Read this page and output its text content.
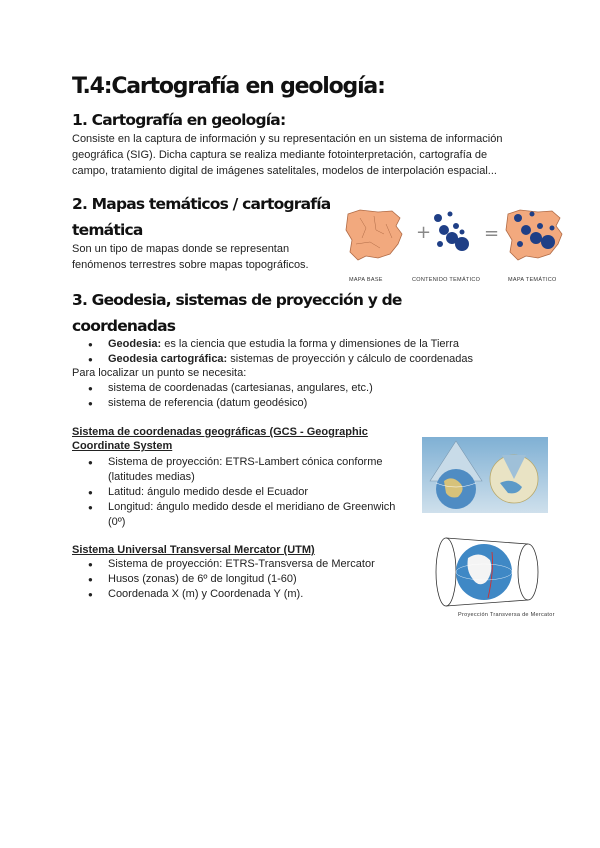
T.4:Cartografía en geología:
1. Cartografía en geología:
Consiste en la captura de información y su representación en un sistema de información
geográfica (SIG). Dicha captura se realiza mediante fotointerpretación, cartografía de
campo, tratamiento digital de imágenes satelitales, modelos de interpolación espacial...
2. Mapas temáticos / cartografía
temática
Son un tipo de mapas donde se representan
fenómenos terrestres sobre mapas topográficos.
+	=
MAPA BASE	CONTENIDO TEMÁTICO	MAPA TEMÁTICO
3. Geodesia, sistemas de proyección y de
coordenadas
● Geodesia: es la ciencia que estudia la forma y dimensiones de la Tierra
● Geodesia cartográfica: sistemas de proyección y cálculo de coordenadas
Para localizar un punto se necesita:
● sistema de coordenadas (cartesianas, angulares, etc.)
● sistema de referencia (datum geodésico)
Sistema de coordenadas geográficas (GCS - Geographic
Coordinate System
● Sistema de proyección: ETRS-Lambert cónica conforme (latitudes medias)
● Latitud: ángulo medido desde el Ecuador
● Longitud: ángulo medido desde el meridiano de Greenwich (0º)
Sistema Universal Transversal Mercator (UTM)
● Sistema de proyección: ETRS-Transversa de Mercator
● Husos (zonas) de 6º de longitud (1-60)
● Coordenada X (m) y Coordenada Y (m).
Proyección Transversa de Mercator
